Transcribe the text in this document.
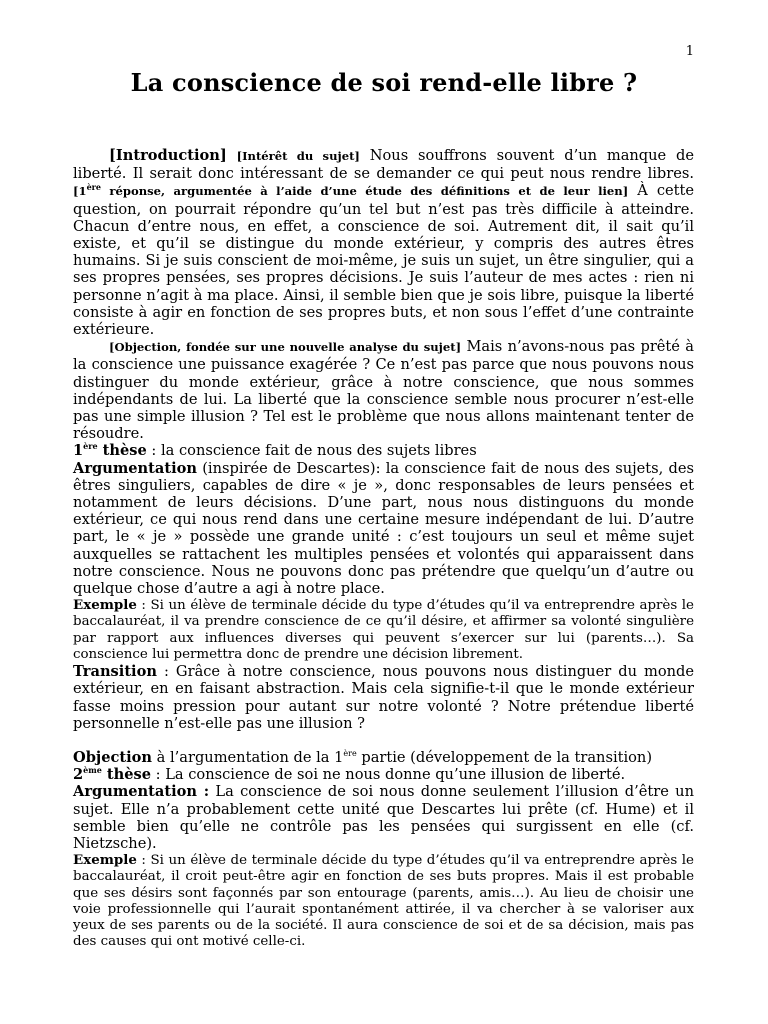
1
La conscience de soi rend-elle libre ?

[Introduction] [Intérêt du sujet] Nous souffrons souvent d’un manque de liberté. Il serait donc intéressant de se demander ce qui peut nous rendre libres. [1ère réponse, argumentée à l’aide d’une étude des définitions et de leur lien] À cette question, on pourrait répondre qu’un tel but n’est pas très difficile à atteindre. Chacun d’entre nous, en effet, a conscience de soi. Autrement dit, il sait qu’il existe, et qu’il se distingue du monde extérieur, y compris des autres êtres humains. Si je suis conscient de moi-même, je suis un sujet, un être singulier, qui a ses propres pensées, ses propres décisions. Je suis l’auteur de mes actes : rien ni personne n’agit à ma place. Ainsi, il semble bien que je sois libre, puisque la liberté consiste à agir en fonction de ses propres buts, et non sous l’effet d’une contrainte extérieure.

[Objection, fondée sur une nouvelle analyse du sujet] Mais n’avons-nous pas prêté à la conscience une puissance exagérée ? Ce n’est pas parce que nous pouvons nous distinguer du monde extérieur, grâce à notre conscience, que nous sommes indépendants de lui. La liberté que la conscience semble nous procurer n’est-elle pas une simple illusion ? Tel est le problème que nous allons maintenant tenter de résoudre.

1ère thèse : la conscience fait de nous des sujets libres

Argumentation (inspirée de Descartes): la conscience fait de nous des sujets, des êtres singuliers, capables de dire « je », donc responsables de leurs pensées et notamment de leurs décisions. D’une part, nous nous distinguons du monde extérieur, ce qui nous rend dans une certaine mesure indépendant de lui. D’autre part, le « je » possède une grande unité : c’est toujours un seul et même sujet auxquelles se rattachent les multiples pensées et volontés qui apparaissent dans notre conscience. Nous ne pouvons donc pas prétendre que quelqu’un d’autre ou quelque chose d’autre a agi à notre place.

Exemple : Si un élève de terminale décide du type d’études qu’il va entreprendre après le baccalauréat, il va prendre conscience de ce qu’il désire, et affirmer sa volonté singulière par rapport aux influences diverses qui peuvent s’exercer sur lui (parents…). Sa conscience lui permettra donc de prendre une décision librement.

Transition : Grâce à notre conscience, nous pouvons nous distinguer du monde extérieur, en en faisant abstraction. Mais cela signifie-t-il que le monde extérieur fasse moins pression pour autant sur notre volonté ? Notre prétendue liberté personnelle n’est-elle pas une illusion ?

Objection à l’argumentation de la 1ère partie (développement de la transition)

2ème thèse : La conscience de soi ne nous donne qu’une illusion de liberté.

Argumentation : La conscience de soi nous donne seulement l’illusion d’être un sujet. Elle n’a probablement cette unité que Descartes lui prête (cf. Hume) et il semble bien qu’elle ne contrôle pas les pensées qui surgissent en elle (cf. Nietzsche).

Exemple : Si un élève de terminale décide du type d’études qu’il va entreprendre après le baccalauréat, il croit peut-être agir en fonction de ses buts propres. Mais il est probable que ses désirs sont façonnés par son entourage (parents, amis…). Au lieu de choisir une voie professionnelle qui l’aurait spontanément attirée, il va chercher à se valoriser aux yeux de ses parents ou de la société. Il aura conscience de soi et de sa décision, mais pas des causes qui ont motivé celle-ci.
